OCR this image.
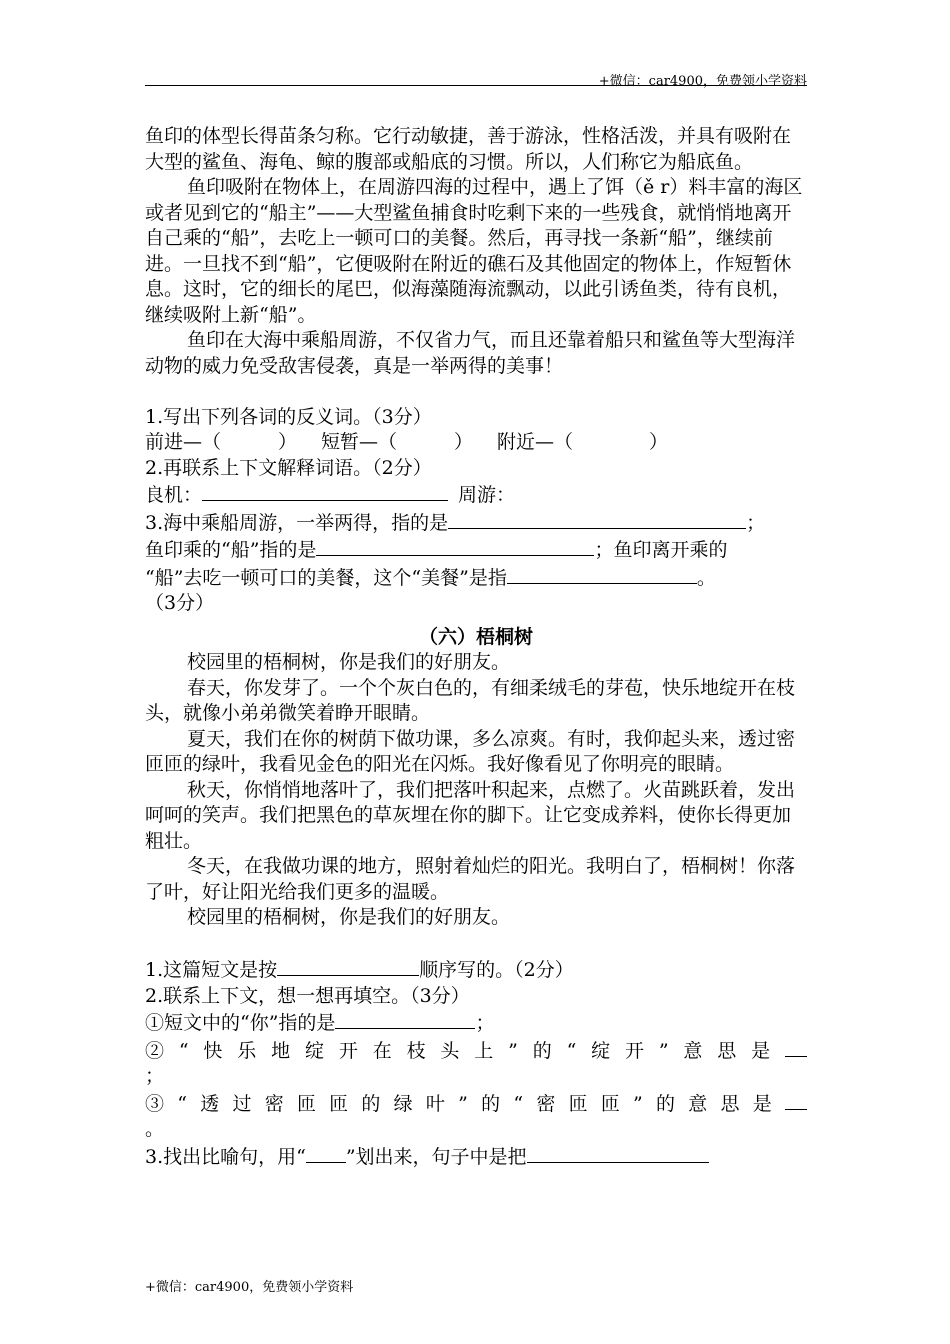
+微信：car4900，免费领小学资料

鱼印的体型长得苗条匀称。它行动敏捷，善于游泳，性格活泼，并具有吸附在大型的鲨鱼、海龟、鲸的腹部或船底的习惯。所以，人们称它为船底鱼。

鱼印吸附在物体上，在周游四海的过程中，遇上了饵（ě r）料丰富的海区或者见到它的“船主”——大型鲨鱼捕食时吃剩下来的一些残食，就悄悄地离开自己乘的“船”，去吃上一顿可口的美餐。然后，再寻找一条新“船”，继续前进。一旦找不到“船”，它便吸附在附近的礁石及其他固定的物体上，作短暂休息。这时，它的细长的尾巴，似海藻随海流飘动，以此引诱鱼类，待有良机，继续吸附上新“船”。

鱼印在大海中乘船周游，不仅省力气，而且还靠着船只和鲨鱼等大型海洋动物的威力免受敌害侵袭，真是一举两得的美事！

1.写出下列各词的反义词。（3分）

前进—（　　　） 短暂—（　　　） 附近—（　　　　）

2.再联系上下文解释词语。（2分）

良机：	周游：

3.海中乘船周游，一举两得，指的是	；

鱼印乘的“船”指的是	；鱼印离开乘的

“船”去吃一顿可口的美餐，这个“美餐”是指	。

（3分）

（六）梧桐树

校园里的梧桐树，你是我们的好朋友。

春天，你发芽了。一个个灰白色的，有细柔绒毛的芽苞，快乐地绽开在枝头，就像小弟弟微笑着睁开眼睛。

夏天，我们在你的树荫下做功课，多么凉爽。有时，我仰起头来，透过密匝匝的绿叶，我看见金色的阳光在闪烁。我好像看见了你明亮的眼睛。

秋天，你悄悄地落叶了，我们把落叶积起来，点燃了。火苗跳跃着，发出呵呵的笑声。我们把黑色的草灰埋在你的脚下。让它变成养料，使你长得更加粗壮。

冬天，在我做功课的地方，照射着灿烂的阳光。我明白了，梧桐树！你落了叶，好让阳光给我们更多的温暖。

校园里的梧桐树，你是我们的好朋友。

1.这篇短文是按	顺序写的。（2分）

2.联系上下文，想一想再填空。（3分）

①短文中的“你”指的是	；

②“快乐地绽开在枝头上”的“绽开”意思是

；

③“透过密匝匝的绿叶”的“密匝匝”的意思是

。

3.找出比喻句，用“ ”划出来，句子中是把

+微信：car4900，免费领小学资料
